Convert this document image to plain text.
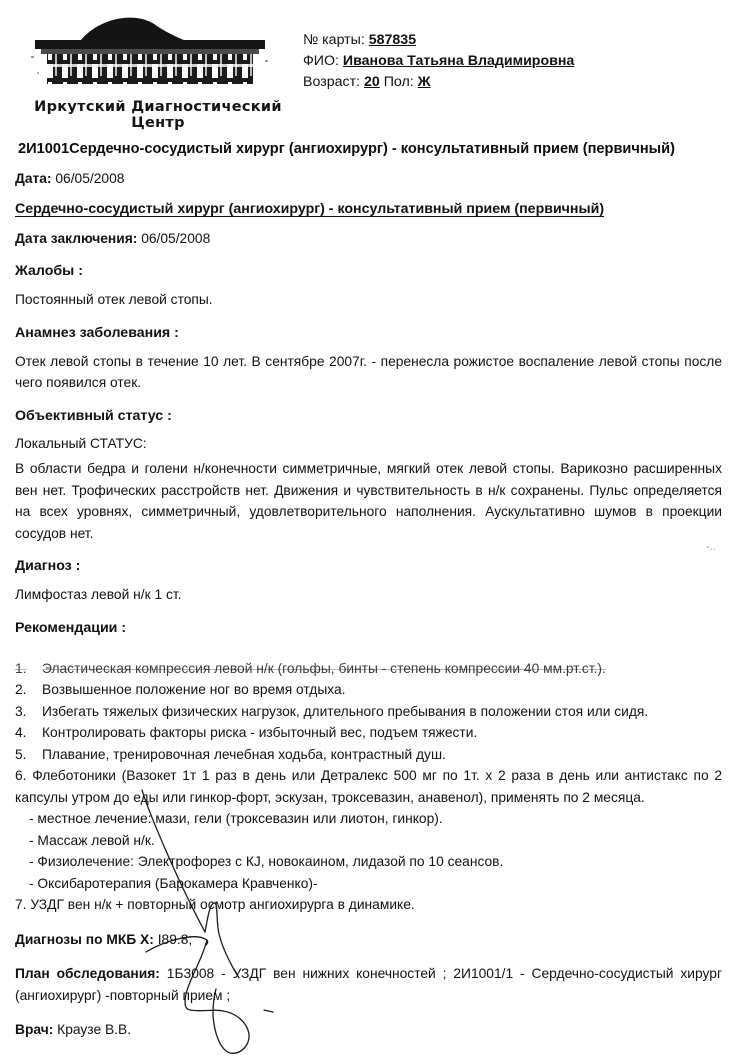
Иркутский Диагностический Центр
№ карты: 587835
ФИО: Иванова Татьяна Владимировна
Возраст: 20 Пол: Ж
2И1001Сердечно-сосудистый хирург (ангиохирург) - консультативный прием (первичный)
Дата: 06/05/2008
Сердечно-сосудистый хирург (ангиохирург) - консультативный прием (первичный)
Дата заключения: 06/05/2008
Жалобы :
Постоянный отек левой стопы.
Анамнез заболевания :
Отек левой стопы в течение 10 лет. В сентябре 2007г. - перенесла рожистое воспаление левой стопы после чего появился отек.
Объективный статус :
Локальный СТАТУС:
В области бедра и голени н/конечности симметричные, мягкий отек левой стопы. Варикозно расширенных вен нет. Трофических расстройств нет. Движения и чувствительность в н/к сохранены. Пульс определяется на всех уровнях, симметричный, удовлетворительного наполнения. Аускультативно шумов в проекции сосудов нет.
Диагноз :
Лимфостаз левой н/к 1 ст.
Рекомендации :
1.	Эластическая компрессия левой н/к (гольфы, бинты - степень компрессии 40 мм.рт.ст.).
2.	Возвышенное положение ног во время отдыха.
3.	Избегать тяжелых физических нагрузок, длительного пребывания в положении стоя или сидя.
4.	Контролировать факторы риска - избыточный вес, подъем тяжести.
5.	Плавание, тренировочная лечебная ходьба, контрастный душ.
6. Флеботоники (Вазокет 1т 1 раз в день или Детралекс 500 мг по 1т. х 2 раза в день или антистакс по 2 капсулы утром до еды или гинкор-форт, эскузан, троксевазин, анавенол), применять по 2 месяца.
- местное лечение: мази, гели (троксевазин или лиотон, гинкор).
- Массаж левой н/к.
- Физиолечение: Электрофорез с КJ, новокаином, лидазой по 10 сеансов.
- Оксибаротерапия (Барокамера Кравченко)-
7. УЗДГ вен н/к + повторный осмотр ангиохирурга в динамике.
Диагнозы по МКБ X: I89.8;
План обследования: 1Б3008 - УЗДГ вен нижних конечностей ; 2И1001/1 - Сердечно-сосудистый хирург (ангиохирург) -повторный прием ;
Врач: Краузе В.В.
-..
